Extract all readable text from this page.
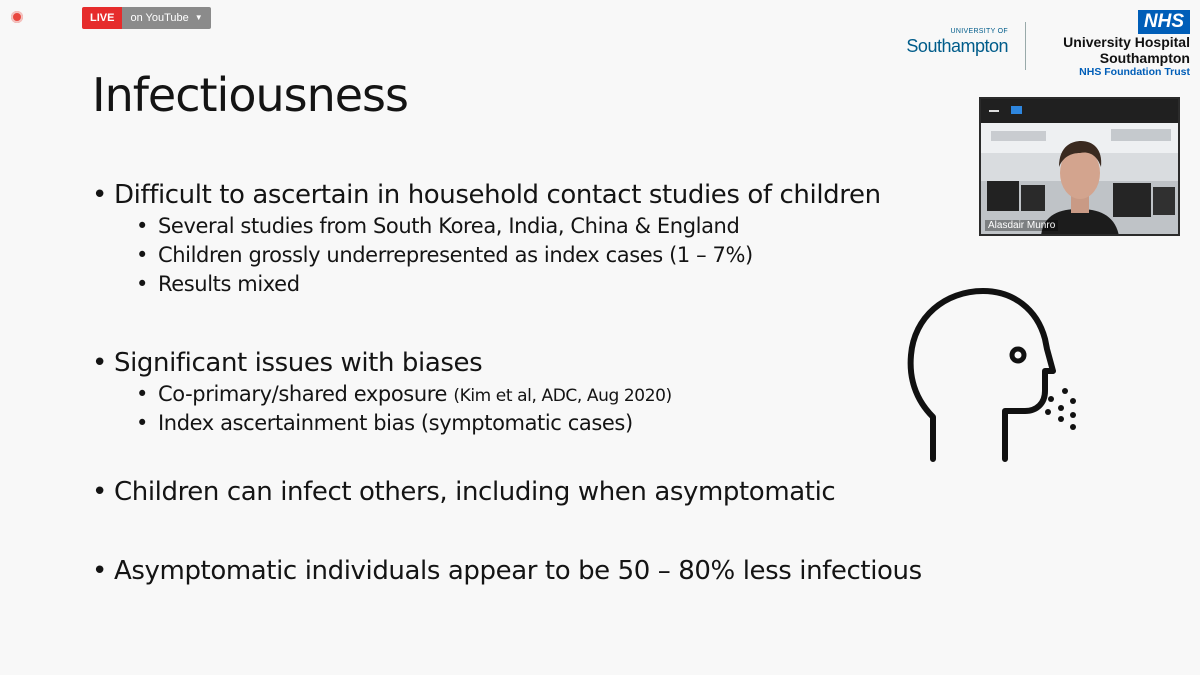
LIVE	on YouTube ▼
UNIVERSITY OF
Southampton
NHS
University Hospital
Southampton
NHS Foundation Trust
Infectiousness
• Difficult to ascertain in household contact studies of children
• Several studies from South Korea, India, China & England
• Children grossly underrepresented as index cases (1 – 7%)
• Results mixed
• Significant issues with biases
• Co-primary/shared exposure (Kim et al, ADC, Aug 2020)
• Index ascertainment bias (symptomatic cases)
• Children can infect others, including when asymptomatic
• Asymptomatic individuals appear to be 50 – 80% less infectious
Alasdair Munro
